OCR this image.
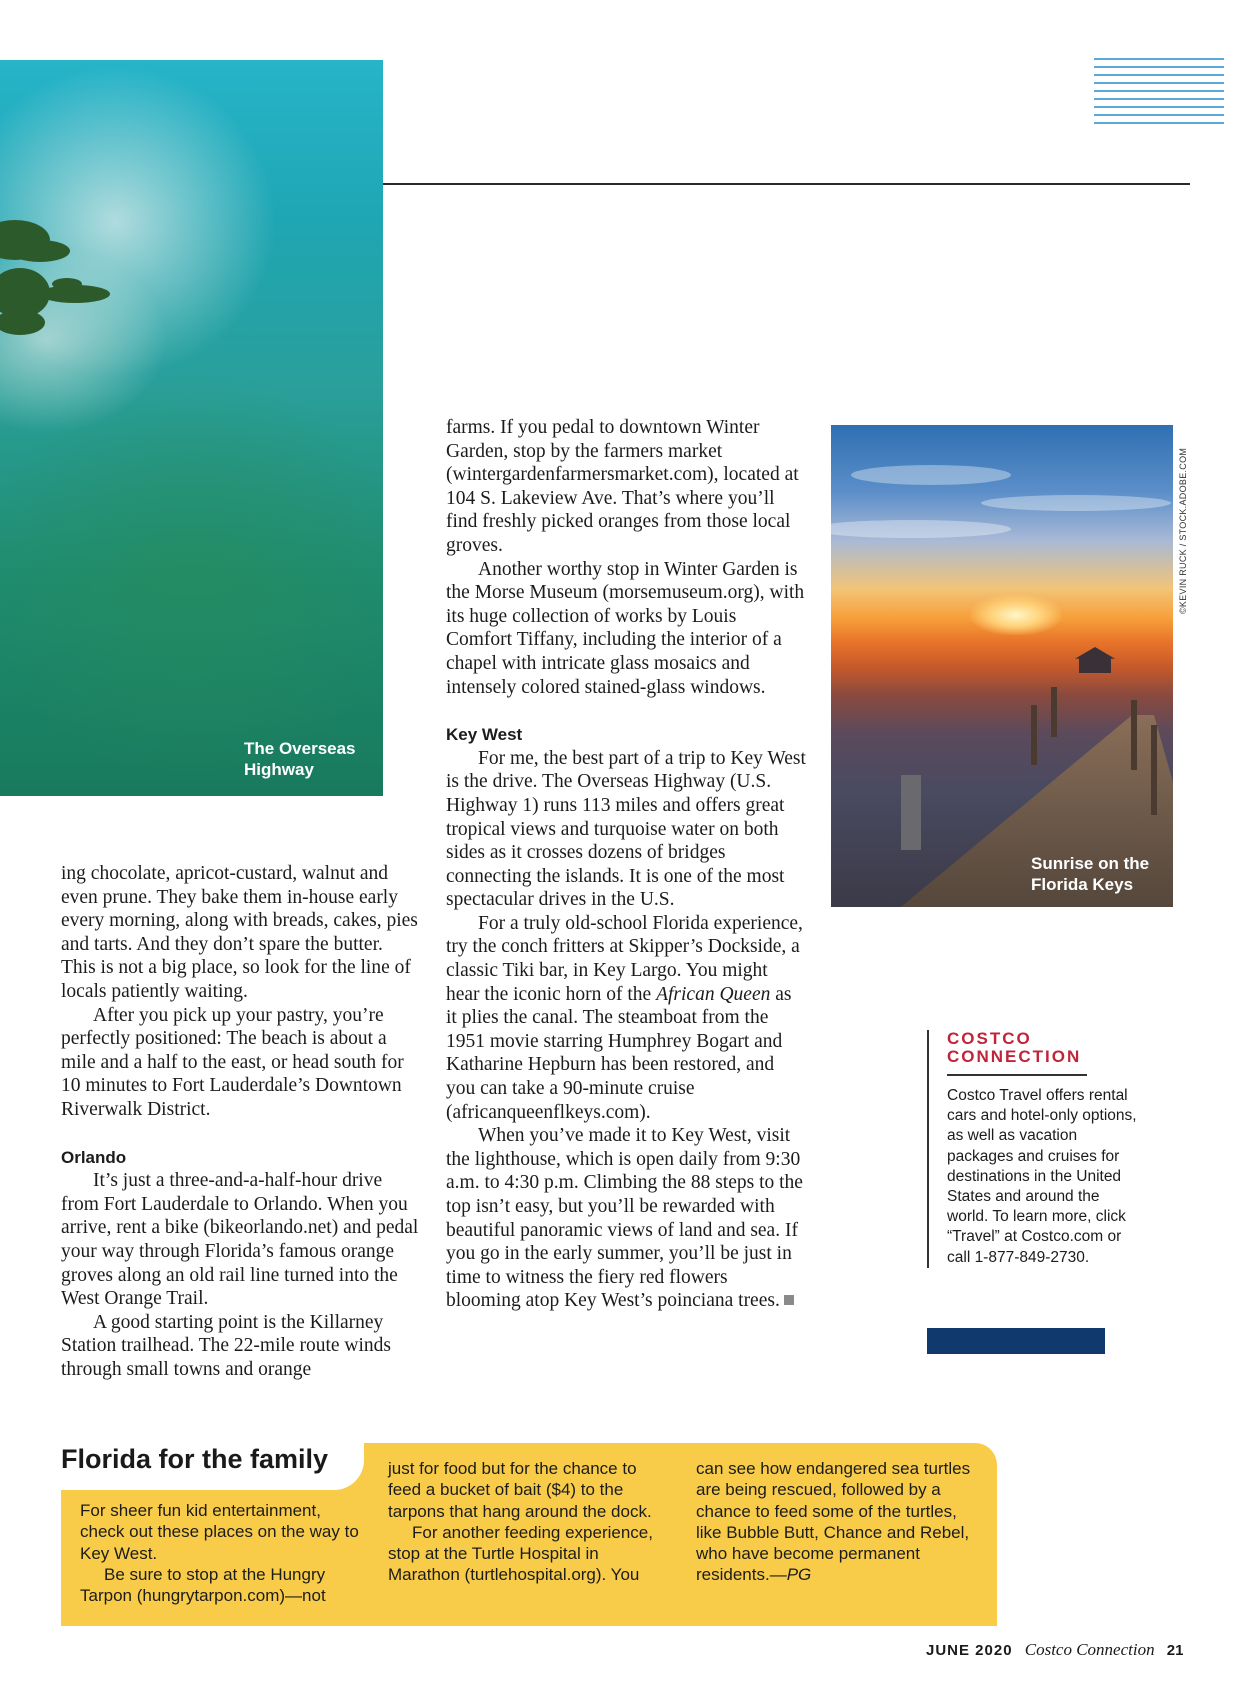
The Overseas
Highway
Sunrise on the
Florida Keys
©KEVIN RUCK / STOCK.ADOBE.COM

ing chocolate, apricot-custard, walnut and even prune. They bake them in-house early every morning, along with breads, cakes, pies and tarts. And they don’t spare the butter. This is not a big place, so look for the line of locals patiently waiting.

After you pick up your pastry, you’re perfectly positioned: The beach is about a mile and a half to the east, or head south for 10 minutes to Fort Lauderdale’s Downtown Riverwalk District.

Orlando

It’s just a three-and-a-half-hour drive from Fort Lauderdale to Orlando. When you arrive, rent a bike (bikeorlando.net) and pedal your way through Florida’s famous orange groves along an old rail line turned into the West Orange Trail.

A good starting point is the Killarney Station trailhead. The 22-mile route winds through small towns and orange

farms. If you pedal to downtown Winter Garden, stop by the farmers market (wintergardenfarmersmarket.com), located at 104 S. Lakeview Ave. That’s where you’ll find freshly picked oranges from those local groves.

Another worthy stop in Winter Garden is the Morse Museum (morsemuseum.org), with its huge collection of works by Louis Comfort Tiffany, including the interior of a chapel with intricate glass mosaics and intensely colored stained-glass windows.

Key West

For me, the best part of a trip to Key West is the drive. The Overseas Highway (U.S. Highway 1) runs 113 miles and offers great tropical views and turquoise water on both sides as it crosses dozens of bridges connecting the islands. It is one of the most spectacular drives in the U.S.

For a truly old-school Florida experience, try the conch fritters at Skipper’s Dockside, a classic Tiki bar, in Key Largo. You might hear the iconic horn of the African Queen as it plies the canal. The steamboat from the 1951 movie starring Humphrey Bogart and Katharine Hepburn has been restored, and you can take a 90-minute cruise (africanqueenflkeys.com).

When you’ve made it to Key West, visit the lighthouse, which is open daily from 9:30 a.m. to 4:30 p.m. Climbing the 88 steps to the top isn’t easy, but you’ll be rewarded with beautiful panoramic views of land and sea. If you go in the early summer, you’ll be just in time to witness the fiery red flowers blooming atop Key West’s poinciana trees.

COSTCO
CONNECTION
Costco Travel offers rental cars and hotel-only options, as well as vacation packages and cruises for destinations in the United States and around the world. To learn more, click “Travel” at Costco.com or call 1-877-849-2730.
Florida for the family

For sheer fun kid entertainment, check out these places on the way to Key West.

Be sure to stop at the Hungry Tarpon (hungrytarpon.com)—not

just for food but for the chance to feed a bucket of bait ($4) to the tarpons that hang around the dock.

For another feeding experience, stop at the Turtle Hospital in Marathon (turtlehospital.org). You

can see how endangered sea turtles are being rescued, followed by a chance to feed some of the turtles, like Bubble Butt, Chance and Rebel, who have become permanent residents.—PG

JUNE 2020 Costco Connection 21
